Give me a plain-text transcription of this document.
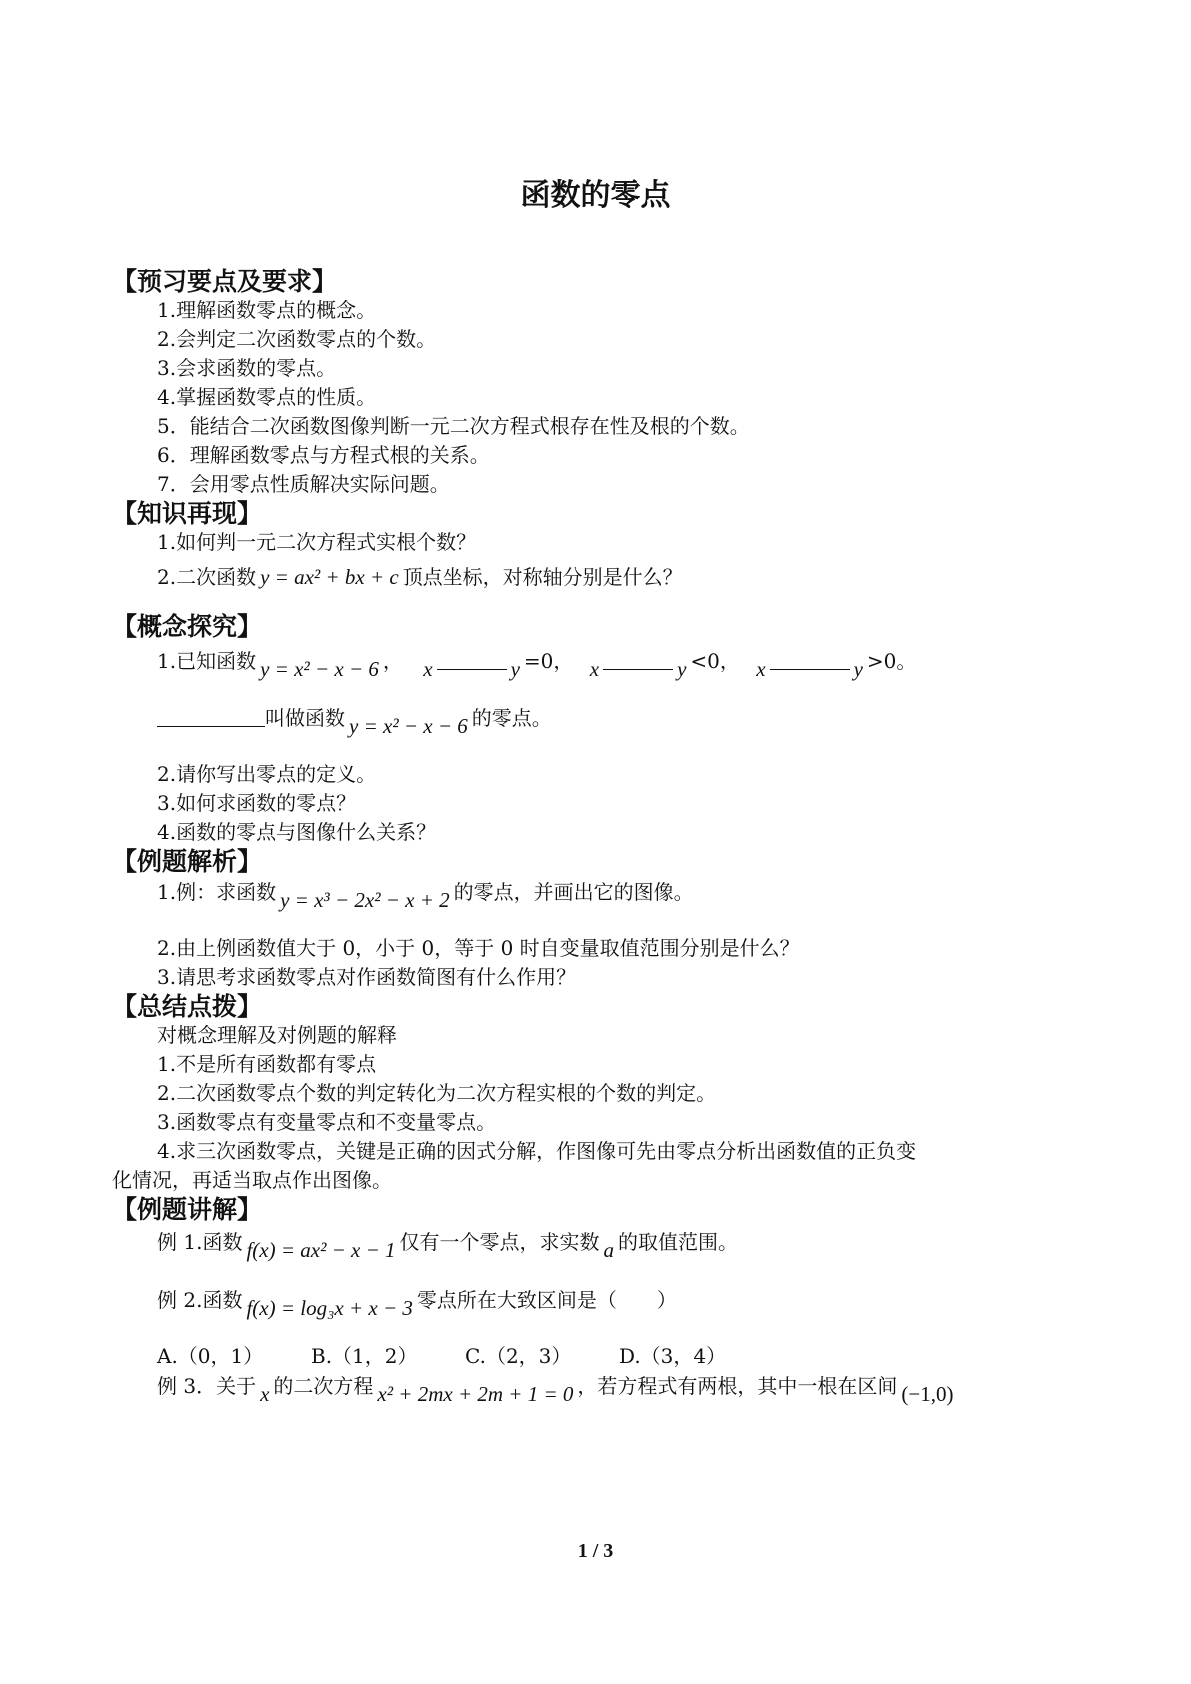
函数的零点
【预习要点及要求】
1.理解函数零点的概念。
2.会判定二次函数零点的个数。
3.会求函数的零点。
4.掌握函数零点的性质。
5．能结合二次函数图像判断一元二次方程式根存在性及根的个数。
6．理解函数零点与方程式根的关系。
7．会用零点性质解决实际问题。
【知识再现】
1.如何判一元二次方程式实根个数？
2.二次函数 y = ax² + bx + c 顶点坐标，对称轴分别是什么？
【概念探究】
1.已知函数 y = x² − x − 6 ， x	y =0， x	y <0， x	y >0。
叫做函数 y = x² − x − 6 的零点。
2.请你写出零点的定义。
3.如何求函数的零点？
4.函数的零点与图像什么关系？
【例题解析】
1.例：求函数 y = x³ − 2x² − x + 2 的零点，并画出它的图像。
2.由上例函数值大于 0，小于 0，等于 0 时自变量取值范围分别是什么？
3.请思考求函数零点对作函数简图有什么作用？
【总结点拨】
对概念理解及对例题的解释
1.不是所有函数都有零点
2.二次函数零点个数的判定转化为二次方程实根的个数的判定。
3.函数零点有变量零点和不变量零点。
4.求三次函数零点，关键是正确的因式分解，作图像可先由零点分析出函数值的正负变
化情况，再适当取点作出图像。
【例题讲解】
例 1.函数 f(x) = ax² − x − 1 仅有一个零点，求实数 a 的取值范围。
例 2.函数 f(x) = log₃x + x − 3 零点所在大致区间是（　　）
A.（0，1） B.（1，2） C.（2，3） D.（3，4）
例 3．关于 x 的二次方程 x² + 2mx + 2m + 1 = 0 ，若方程式有两根，其中一根在区间 (−1,0)
1 / 3
